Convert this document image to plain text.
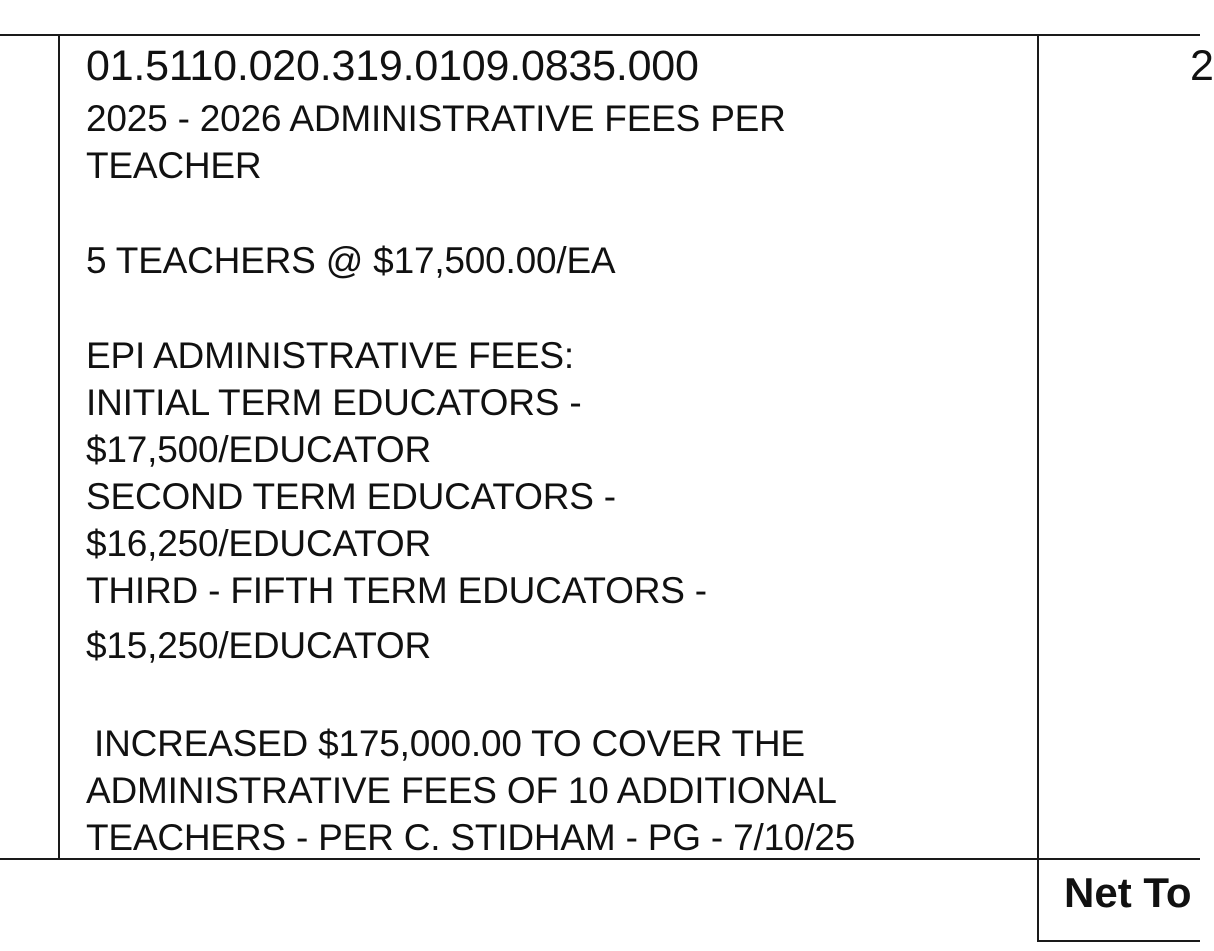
01.5110.020.319.0109.0835.000
2025 - 2026 ADMINISTRATIVE FEES PER
TEACHER
5 TEACHERS @ $17,500.00/EA
EPI ADMINISTRATIVE FEES:
INITIAL TERM EDUCATORS -
$17,500/EDUCATOR
SECOND TERM EDUCATORS -
$16,250/EDUCATOR
THIRD - FIFTH TERM EDUCATORS -
$15,250/EDUCATOR
INCREASED $175,000.00 TO COVER THE
ADMINISTRATIVE FEES OF 10 ADDITIONAL
TEACHERS - PER C. STIDHAM - PG - 7/10/25
2
Net To
